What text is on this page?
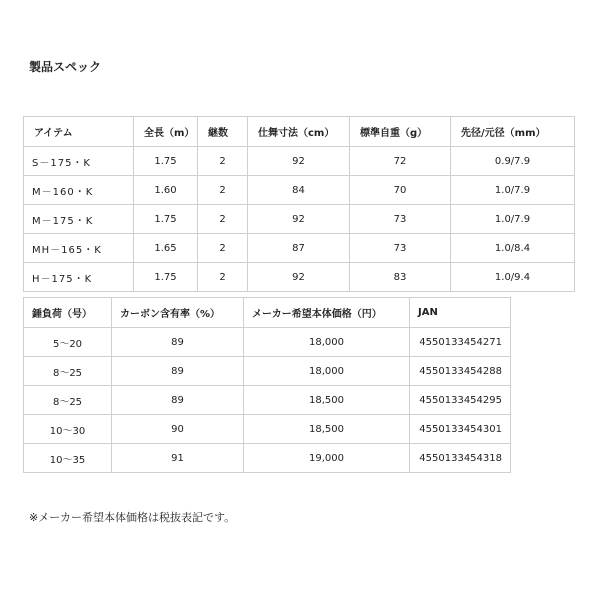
製品スペック
アイテム	全長（m）	継数	仕舞寸法（cm）	標準自重（g）	先径/元径（mm）
S－175・K	1.75	2	92	72	0.9/7.9
M－160・K	1.60	2	84	70	1.0/7.9
M－175・K	1.75	2	92	73	1.0/7.9
MH－165・K	1.65	2	87	73	1.0/8.4
H－175・K	1.75	2	92	83	1.0/9.4
錘負荷（号）	カーボン含有率（%）	メーカー希望本体価格（円）	JAN
5～20	89	18,000	4550133454271
8～25	89	18,000	4550133454288
8～25	89	18,500	4550133454295
10～30	90	18,500	4550133454301
10～35	91	19,000	4550133454318
※メーカー希望本体価格は税抜表記です。
